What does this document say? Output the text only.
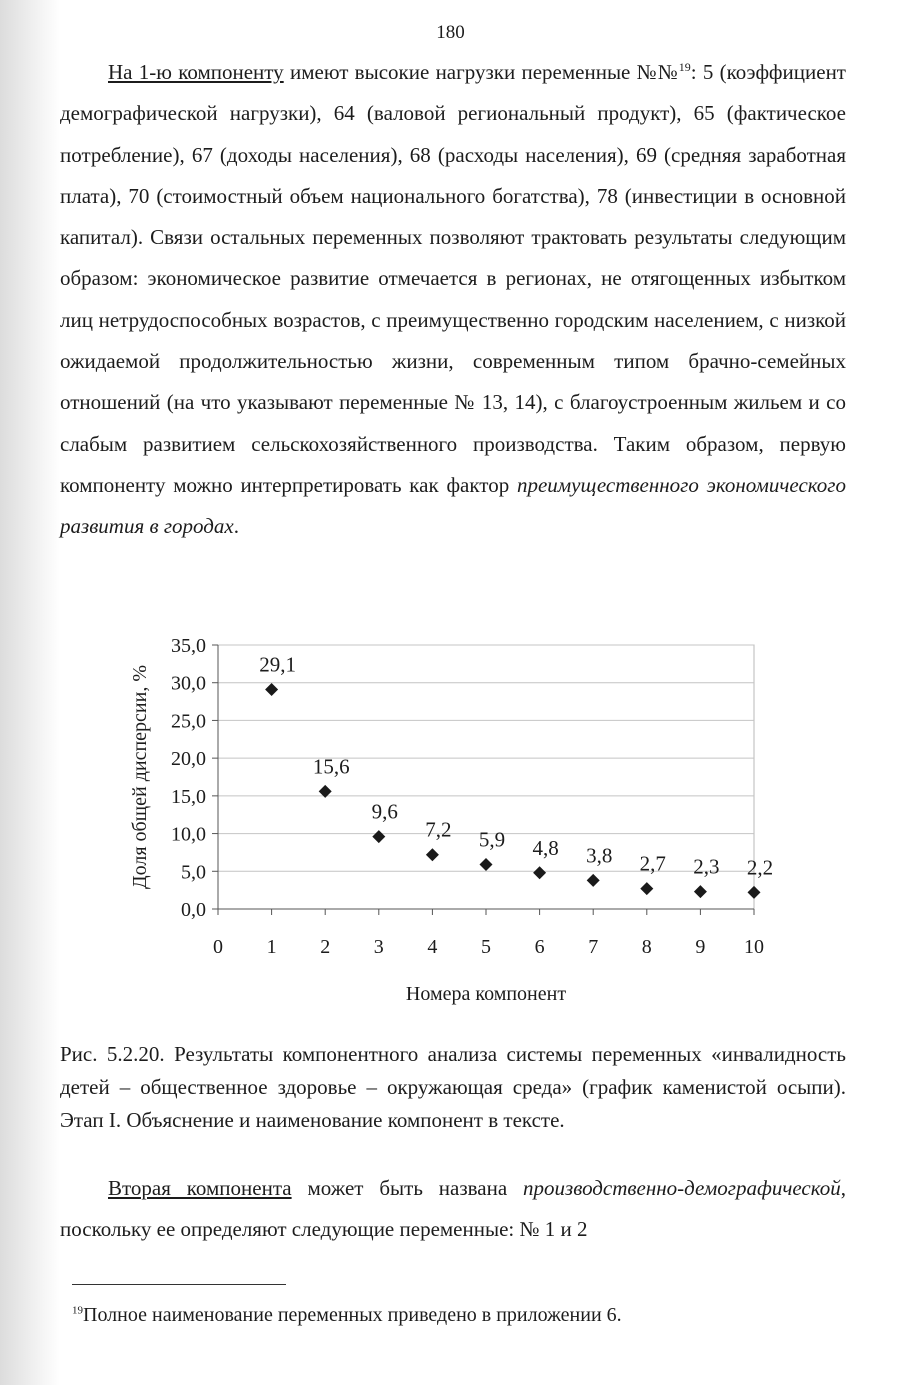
180

На 1-ю компоненту имеют высокие нагрузки переменные №№$^{19}$: 5 (коэффициент демографической нагрузки), 64 (валовой региональный продукт), 65 (фактическое потребление), 67 (доходы населения), 68 (расходы населения), 69 (средняя заработная плата), 70 (стоимостный объем национального богатства), 78 (инвестиции в основной капитал). Связи остальных переменных позволяют трактовать результаты следующим образом: экономическое развитие отмечается в регионах, не отягощенных избытком лиц нетрудоспособных возрастов, с преимущественно городским населением, с низкой ожидаемой продолжительностью жизни, современным типом брачно-семейных отношений (на что указывают переменные № 13, 14), с благоустроенным жильем и со слабым развитием сельскохозяйственного производства. Таким образом, первую компоненту можно интерпретировать как фактор преимущественного экономического развития в городах.

0,0
5,0
10,0
15,0
20,0
25,0
30,0
35,0
0 1 2 3 4 5 6 7 8 9 10
29,1
15,6
9,6
7,2 5,9 4,8 3,8 2,7 2,3 2,2
Доля общей дисперсии, %
Номера компонент

Рис. 5.2.20. Результаты компонентного анализа системы переменных «инвалидность детей – общественное здоровье – окружающая среда» (график каменистой осыпи). Этап I. Объяснение и наименование компонент в тексте.

Вторая компонента может быть названа производственно-демографической, поскольку ее определяют следующие переменные: № 1 и 2

$^{19}$Полное наименование переменных приведено в приложении 6.
